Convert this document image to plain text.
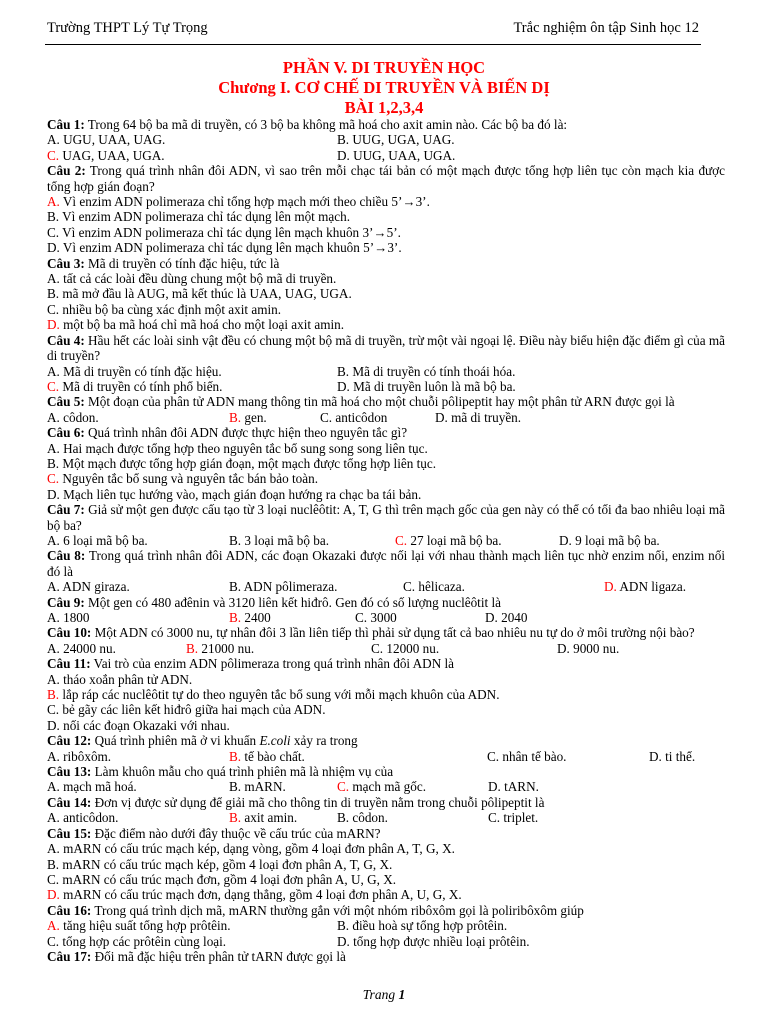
Trường THPT Lý Tự Trọng	Trắc nghiệm ôn tập Sinh học 12
PHẦN V. DI TRUYỀN HỌC
Chương I. CƠ CHẾ DI TRUYỀN VÀ BIẾN DỊ
BÀI 1,2,3,4

Câu 1: Trong 64 bộ ba mã di truyền, có 3 bộ ba không mã hoá cho axit amin nào. Các bộ ba đó là:

A. UGU, UAA, UAG.	B. UUG, UGA, UAG.
C. UAG, UAA, UGA.	D. UUG, UAA, UGA.

Câu 2: Trong quá trình nhân đôi ADN, vì sao trên mỗi chạc tái bản có một mạch được tổng hợp liên tục còn mạch kia được tổng hợp gián đoạn?

A. Vì enzim ADN polimeraza chỉ tổng hợp mạch mới theo chiều 5’→3’.
B. Vì enzim ADN polimeraza chỉ tác dụng lên một mạch.
C. Vì enzim ADN polimeraza chỉ tác dụng lên mạch khuôn 3’→5’.
D. Vì enzim ADN polimeraza chỉ tác dụng lên mạch khuôn 5’→3’.

Câu 3: Mã di truyền có tính đặc hiệu, tức là

A. tất cả các loài đều dùng chung một bộ mã di truyền.
B. mã mở đầu là AUG, mã kết thúc là UAA, UAG, UGA.
C. nhiều bộ ba cùng xác định một axit amin.
D. một bộ ba mã hoá chỉ mã hoá cho một loại axit amin.

Câu 4: Hầu hết các loài sinh vật đều có chung một bộ mã di truyền, trừ một vài ngoại lệ. Điều này biểu hiện đặc điểm gì của mã di truyền?

A. Mã di truyền có tính đặc hiệu.	B. Mã di truyền có tính thoái hóa.
C. Mã di truyền có tính phổ biến.	D. Mã di truyền luôn là mã bộ ba.

Câu 5: Một đoạn của phân tử ADN mang thông tin mã hoá cho một chuỗi pôlipeptit hay một phân tử ARN được gọi là

A. côdon.	B. gen.	C. anticôdon	D. mã di truyền.

Câu 6: Quá trình nhân đôi ADN được thực hiện theo nguyên tắc gì?

A. Hai mạch được tổng hợp theo nguyên tắc bổ sung song song liên tục.
B. Một mạch được tổng hợp gián đoạn, một mạch được tổng hợp liên tục.
C. Nguyên tắc bổ sung và nguyên tắc bán bảo toàn.
D. Mạch liên tục hướng vào, mạch gián đoạn hướng ra chạc ba tái bản.

Câu 7: Giả sử một gen được cấu tạo từ 3 loại nuclêôtit: A, T, G thì trên mạch gốc của gen này có thể có tối đa bao nhiêu loại mã bộ ba?

A. 6 loại mã bộ ba.	B. 3 loại mã bộ ba.	C. 27 loại mã bộ ba.	D. 9 loại mã bộ ba.

Câu 8: Trong quá trình nhân đôi ADN, các đoạn Okazaki được nối lại với nhau thành mạch liên tục nhờ enzim nối, enzim nối đó là

A. ADN giraza.	B. ADN pôlimeraza.	C. hêlicaza.	D. ADN ligaza.

Câu 9: Một gen có 480 ađênin và 3120 liên kết hiđrô. Gen đó có số lượng nuclêôtit là

A. 1800	B. 2400	C. 3000	D. 2040

Câu 10: Một ADN có 3000 nu, tự nhân đôi 3 lần liên tiếp thì phải sử dụng tất cả bao nhiêu nu tự do ở môi trường nội bào?

A. 24000 nu.	B. 21000 nu.	C. 12000 nu.	D. 9000 nu.

Câu 11: Vai trò của enzim ADN pôlimeraza trong quá trình nhân đôi ADN là

A. tháo xoắn phân tử ADN.
B. lắp ráp các nuclêôtit tự do theo nguyên tắc bổ sung với mỗi mạch khuôn của ADN.
C. bẻ gãy các liên kết hiđrô giữa hai mạch của ADN.
D. nối các đoạn Okazaki với nhau.

Câu 12: Quá trình phiên mã ở vi khuẩn E.coli xảy ra trong

A. ribôxôm.	B. tế bào chất.	C. nhân tế bào.	D. ti thể.

Câu 13: Làm khuôn mẫu cho quá trình phiên mã là nhiệm vụ của

A. mạch mã hoá.	B. mARN.	C. mạch mã gốc.	D. tARN.

Câu 14: Đơn vị được sử dụng để giải mã cho thông tin di truyền nằm trong chuỗi pôlipeptit là

A. anticôdon.	B. axit amin.	B. côdon.	C. triplet.

Câu 15: Đặc điểm nào dưới đây thuộc về cấu trúc của mARN?

A. mARN có cấu trúc mạch kép, dạng vòng, gồm 4 loại đơn phân A, T, G, X.
B. mARN có cấu trúc mạch kép, gồm 4 loại đơn phân A, T, G, X.
C. mARN có cấu trúc mạch đơn, gồm 4 loại đơn phân A, U, G, X.
D. mARN có cấu trúc mạch đơn, dạng thẳng, gồm 4 loại đơn phân A, U, G, X.

Câu 16: Trong quá trình dịch mã, mARN thường gắn với một nhóm ribôxôm gọi là poliribôxôm giúp

A. tăng hiệu suất tổng hợp prôtêin.	B. điều hoà sự tổng hợp prôtêin.
C. tổng hợp các prôtêin cùng loại.	D. tổng hợp được nhiều loại prôtêin.

Câu 17: Đối mã đặc hiệu trên phân tử tARN được gọi là

Trang 1
